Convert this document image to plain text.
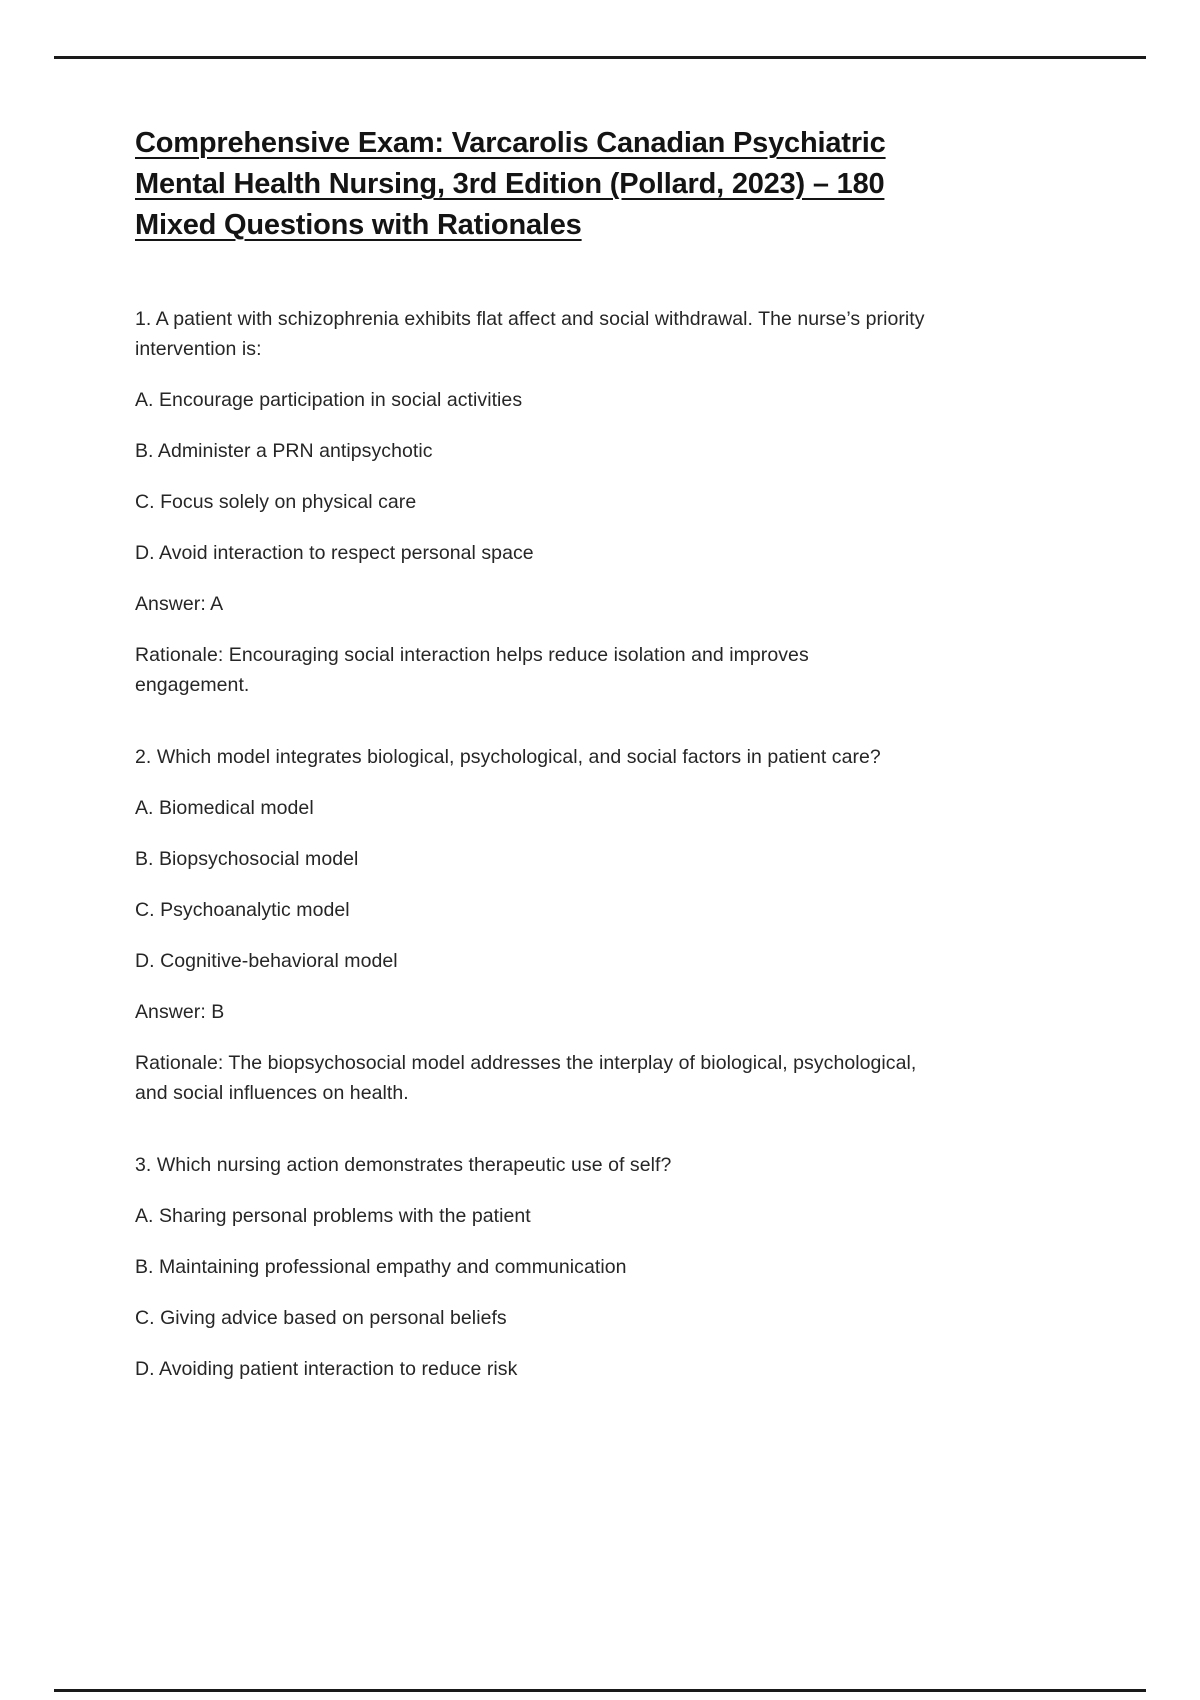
Comprehensive Exam: Varcarolis Canadian Psychiatric
Mental Health Nursing, 3rd Edition (Pollard, 2023) – 180
Mixed Questions with Rationales

1. A patient with schizophrenia exhibits flat affect and social withdrawal. The nurse’s priority intervention is:

A. Encourage participation in social activities

B. Administer a PRN antipsychotic

C. Focus solely on physical care

D. Avoid interaction to respect personal space

Answer: A

Rationale: Encouraging social interaction helps reduce isolation and improves engagement.

2. Which model integrates biological, psychological, and social factors in patient care?

A. Biomedical model

B. Biopsychosocial model

C. Psychoanalytic model

D. Cognitive-behavioral model

Answer: B

Rationale: The biopsychosocial model addresses the interplay of biological, psychological, and social influences on health.

3. Which nursing action demonstrates therapeutic use of self?

A. Sharing personal problems with the patient

B. Maintaining professional empathy and communication

C. Giving advice based on personal beliefs

D. Avoiding patient interaction to reduce risk
